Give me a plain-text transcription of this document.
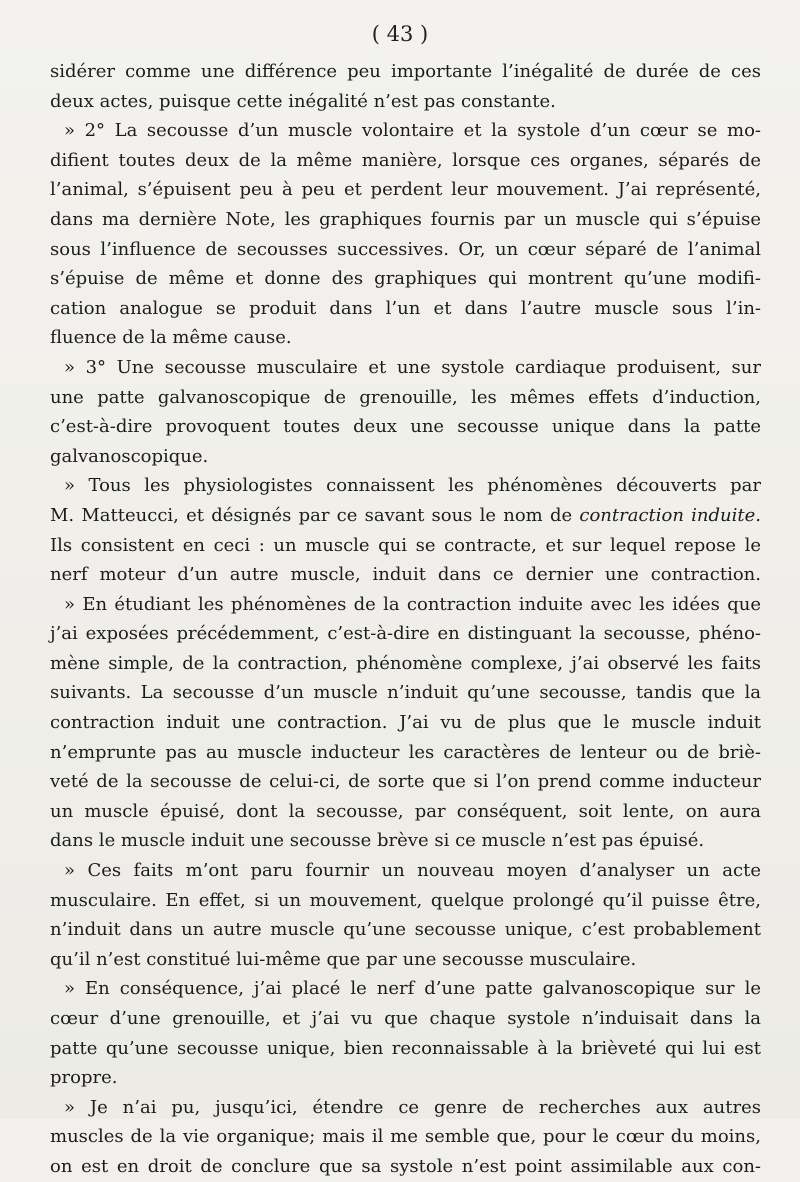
( 43 )
sidérer comme une différence peu importante l’inégalité de durée de ces
deux actes, puisque cette inégalité n’est pas constante.
» 2° La secousse d’un muscle volontaire et la systole d’un cœur se mo-
difient toutes deux de la même manière, lorsque ces organes, séparés de
l’animal, s’épuisent peu à peu et perdent leur mouvement. J’ai représenté,
dans ma dernière Note, les graphiques fournis par un muscle qui s’épuise
sous l’influence de secousses successives. Or, un cœur séparé de l’animal
s’épuise de même et donne des graphiques qui montrent qu’une modifi-
cation analogue se produit dans l’un et dans l’autre muscle sous l’in-
fluence de la même cause.
» 3° Une secousse musculaire et une systole cardiaque produisent, sur
une patte galvanoscopique de grenouille, les mêmes effets d’induction,
c’est-à-dire provoquent toutes deux une secousse unique dans la patte
galvanoscopique.
» Tous les physiologistes connaissent les phénomènes découverts par
M. Matteucci, et désignés par ce savant sous le nom de contraction induite.
Ils consistent en ceci : un muscle qui se contracte, et sur lequel repose le
nerf moteur d’un autre muscle, induit dans ce dernier une contraction.
» En étudiant les phénomènes de la contraction induite avec les idées que
j’ai exposées précédemment, c’est-à-dire en distinguant la secousse, phéno-
mène simple, de la contraction, phénomène complexe, j’ai observé les faits
suivants. La secousse d’un muscle n’induit qu’une secousse, tandis que la
contraction induit une contraction. J’ai vu de plus que le muscle induit
n’emprunte pas au muscle inducteur les caractères de lenteur ou de briè-
veté de la secousse de celui-ci, de sorte que si l’on prend comme inducteur
un muscle épuisé, dont la secousse, par conséquent, soit lente, on aura
dans le muscle induit une secousse brève si ce muscle n’est pas épuisé.
» Ces faits m’ont paru fournir un nouveau moyen d’analyser un acte
musculaire. En effet, si un mouvement, quelque prolongé qu’il puisse être,
n’induit dans un autre muscle qu’une secousse unique, c’est probablement
qu’il n’est constitué lui-même que par une secousse musculaire.
» En conséquence, j’ai placé le nerf d’une patte galvanoscopique sur le
cœur d’une grenouille, et j’ai vu que chaque systole n’induisait dans la
patte qu’une secousse unique, bien reconnaissable à la brièveté qui lui est
propre.
» Je n’ai pu, jusqu’ici, étendre ce genre de recherches aux autres
muscles de la vie organique; mais il me semble que, pour le cœur du moins,
on est en droit de conclure que sa systole n’est point assimilable aux con-
